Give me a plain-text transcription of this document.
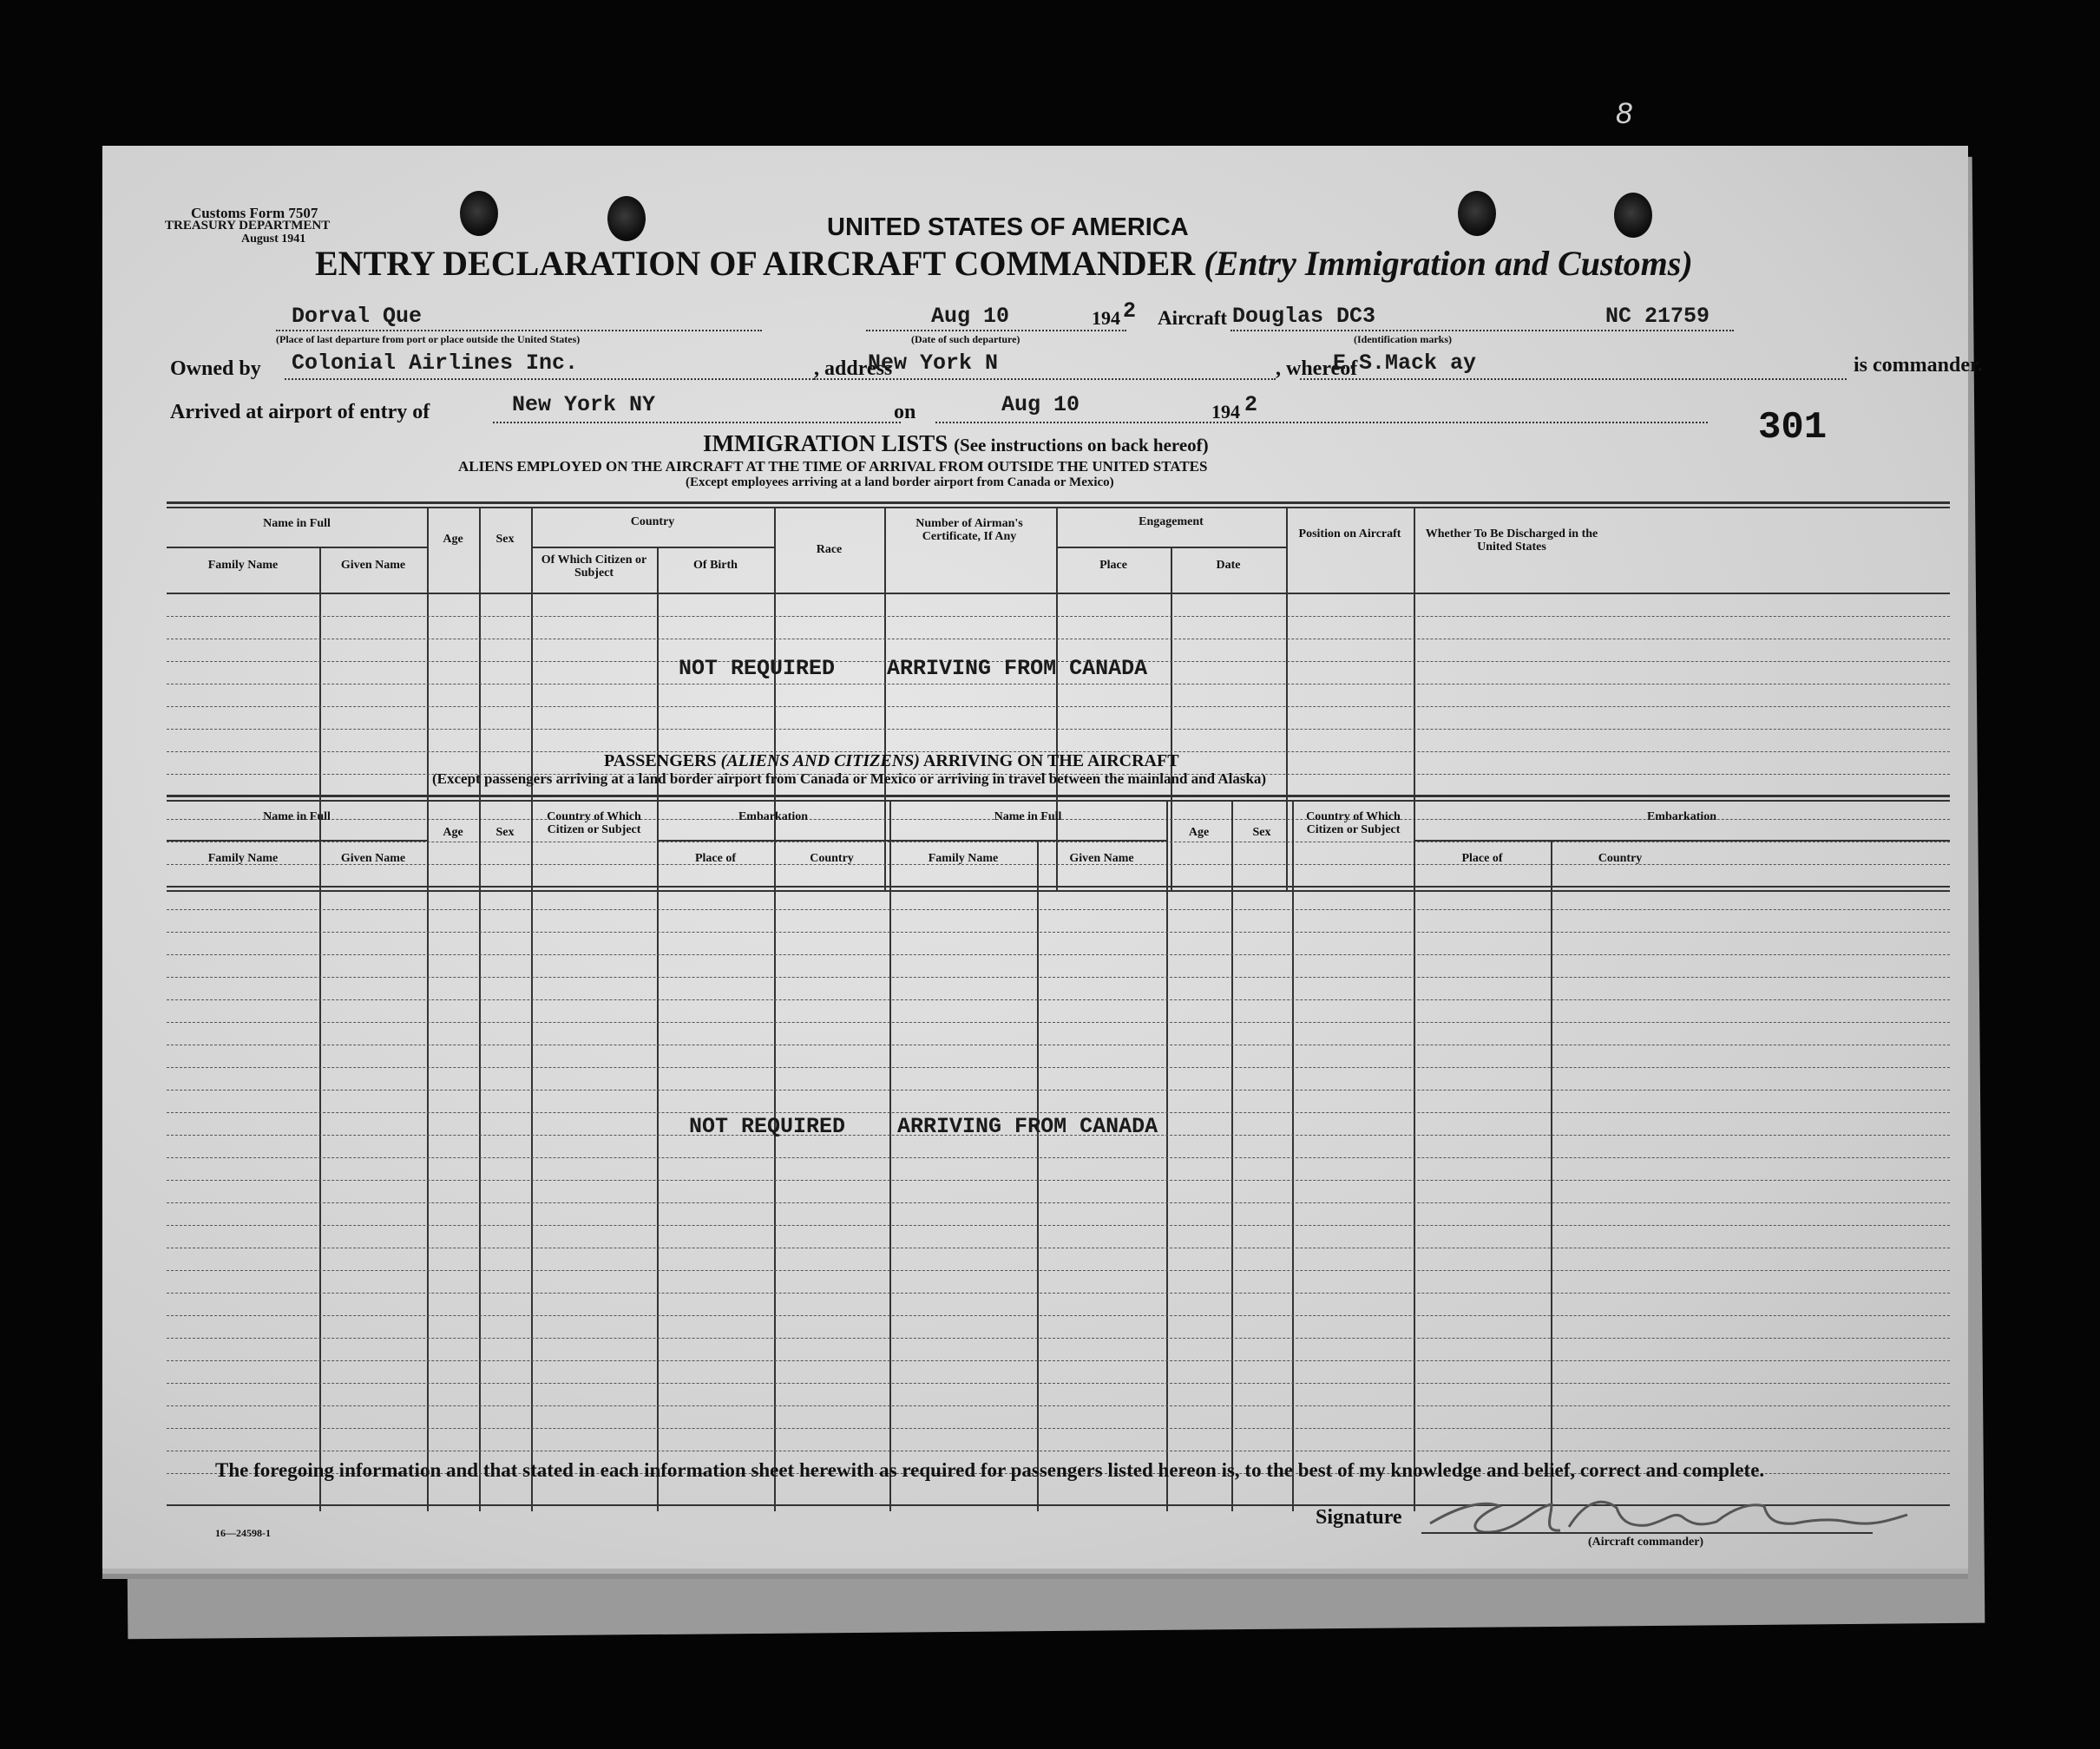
8
Customs Form 7507
TREASURY DEPARTMENT
August 1941	UNITED STATES OF AMERICA
ENTRY DECLARATION OF AIRCRAFT COMMANDER (Entry Immigration and Customs)
Dorval Que
(Place of last departure from port or place outside the United States)
Aug 10	194 2
(Date of such departure)
Aircraft Douglas DC3	NC 21759
(Identification marks)
Owned by Colonial Airlines Inc.	, address
New York N	, whereof
E.S.Mack ay	is commander.
Arrived at airport of entry of	New York NY	on	Aug 10	194 2
301
IMMIGRATION LISTS (See instructions on back hereof)
ALIENS EMPLOYED ON THE AIRCRAFT AT THE TIME OF ARRIVAL FROM OUTSIDE THE UNITED STATES
(Except employees arriving at a land border airport from Canada or Mexico)
Name in Full
Family Name	Given Name
Age	Sex
Country
Of Which Citizen or Subject
Of Birth
Race
Number of Airman's Certificate, If Any
Engagement
Place	Date
Position on Aircraft	Whether To Be Discharged in the United States
NOT REQUIRED    ARRIVING FROM CANADA
PASSENGERS (ALIENS AND CITIZENS) ARRIVING ON THE AIRCRAFT
(Except passengers arriving at a land border airport from Canada or Mexico or arriving in travel between the mainland and Alaska)
Name in Full
Family Name	Given Name
Age	Sex
Country of Which Citizen or Subject
Embarkation
Place of	Country
Name in Full
Family Name	Given Name
Age	Sex
Country of Which Citizen or Subject
Embarkation
Place of	Country
NOT REQUIRED    ARRIVING FROM CANADA
The foregoing information and that stated in each information sheet herewith as required for passengers listed hereon is, to the best of my knowledge and belief, correct and complete.
16—24598-1
Signature
(Aircraft commander)
